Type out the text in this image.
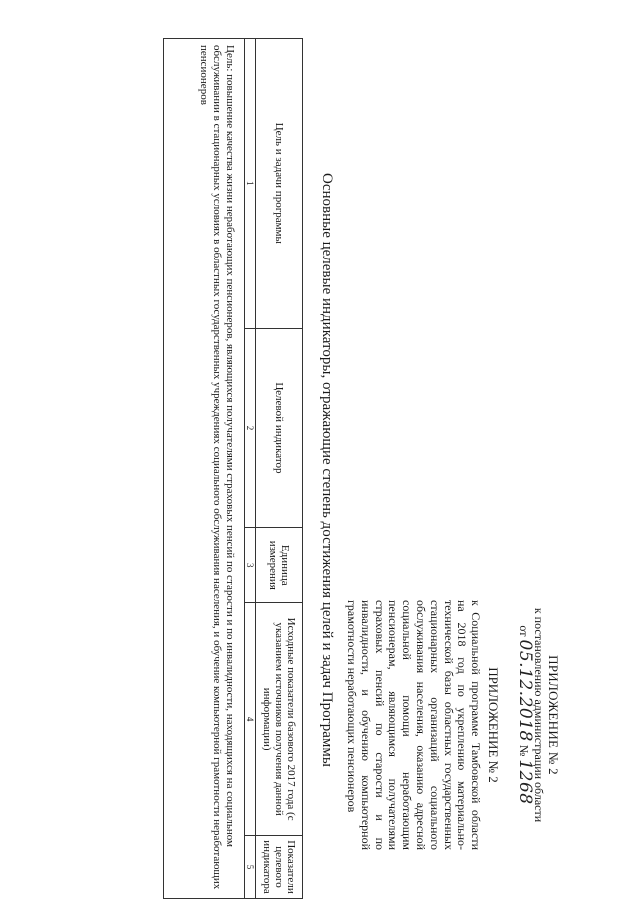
ПРИЛОЖЕНИЕ № 2
к постановлению администрации области
от 05.12.2018 № 1268
ПРИЛОЖЕНИЕ № 2
к Социальной программе Тамбовской области на 2018 год по укреплению материально-технической базы областных государственных стационарных организаций социального обслуживания населения, оказанию адресной социальной помощи неработающим пенсионерам, являющимся получателями страховых пенсий по старости и по инвалидности, и обучению компьютерной грамотности неработающих пенсионеров
Основные целевые индикаторы, отражающие степень достижения целей и задач Программы
Цель и задачи программы	Целевой индикатор	Единица измерения	Исходные показатели базового 2017 года (с указанием источников получения данной информации)	Показатели целевого индикатора
1	2	3	4	5
Цель: повышение качества жизни неработающих пенсионеров, являющихся получателями страховых пенсий по старости и по инвалидности, находящихся на социальном обслуживании в стационарных условиях в областных государственных учреждениях социального обслуживания населения, и обучение компьютерной грамотности неработающих пенсионеров				
